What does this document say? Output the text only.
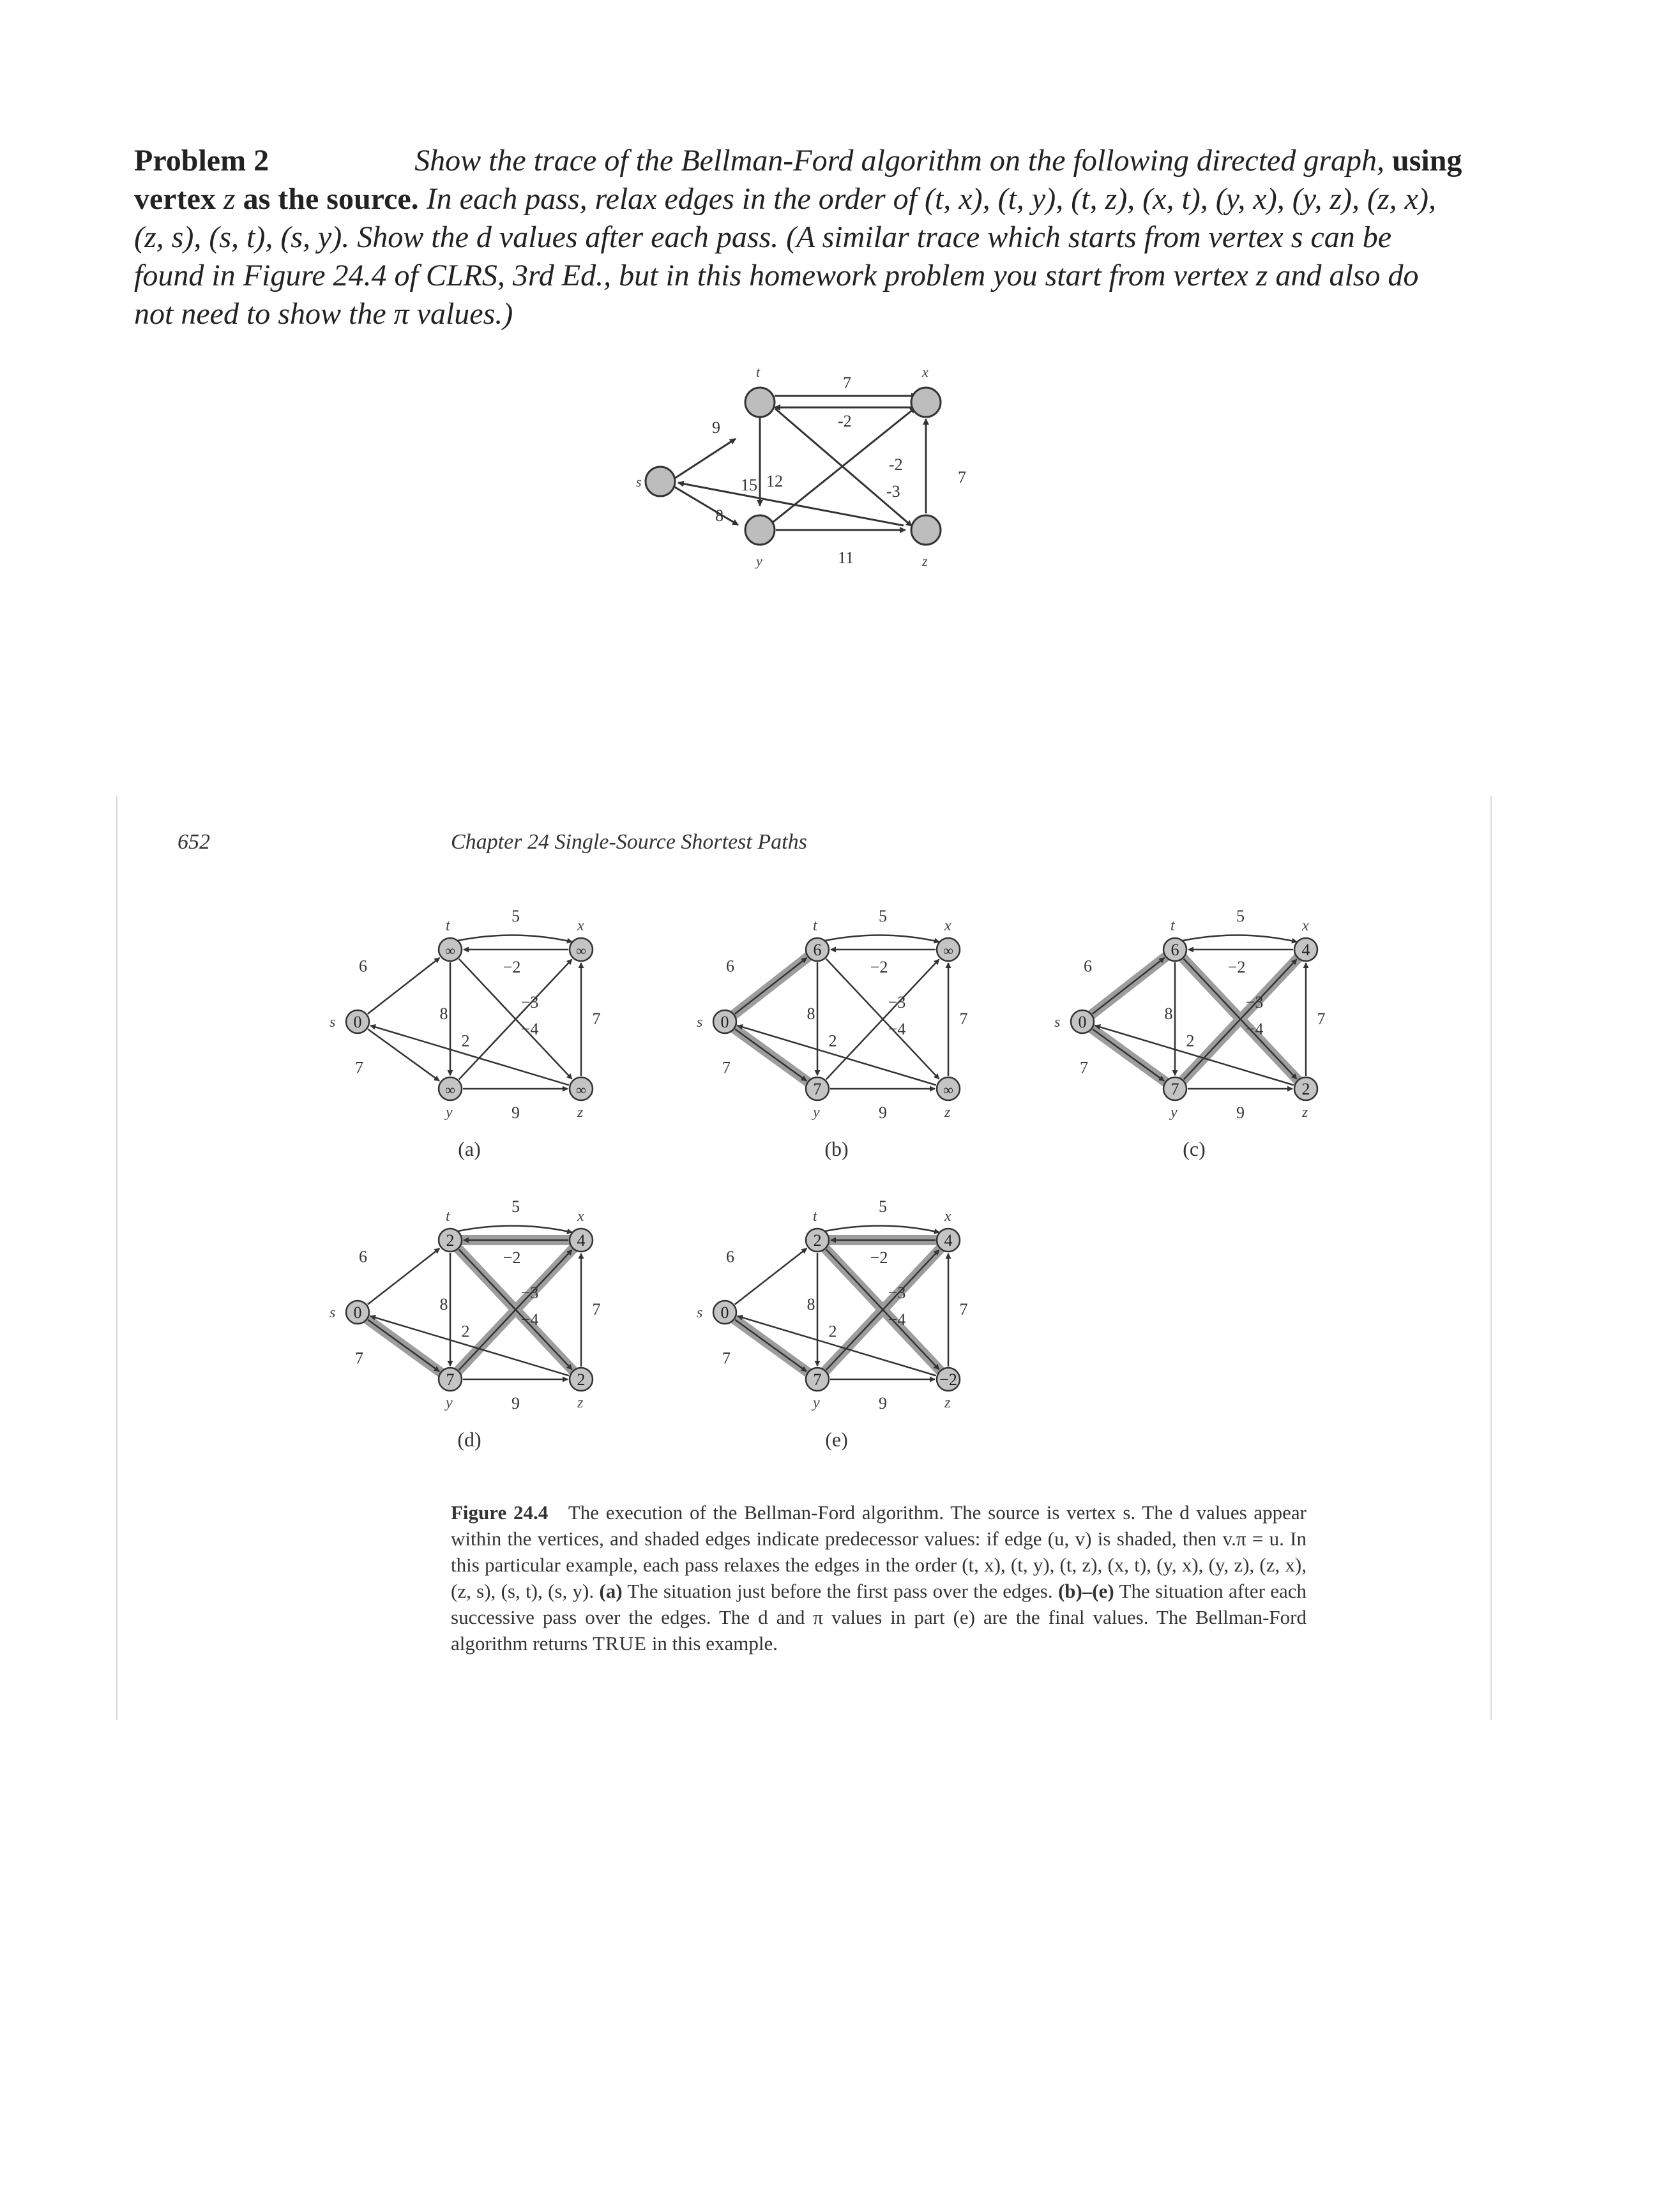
Problem 2	Show the trace of the Bellman-Ford algorithm on the following directed graph, using
vertex z as the source. In each pass, relax edges in the order of (t, x), (t, y), (t, z), (x, t), (y, x), (y, z), (z, x),
(z, s), (s, t), (s, y). Show the d values after each pass. (A similar trace which starts from vertex s can be
found in Figure 24.4 of CLRS, 3rd Ed., but in this homework problem you start from vertex z and also do
not need to show the π values.)
9
8
15
7
-2
12
-3
-2
11
7
t	x
s
y	z
652	Chapter 24 Single-Source Shortest Paths
6
7
2
5
−2
8
−4
−3
9
7
0
s
∞
t
∞
x
∞
y
∞
z
(a)
6
7
2
5
−2
8
−4
−3
9
7
0
s
6
t
∞
x
7
y
∞
z
(b)
6
7
2
5
−2
8
−4
−3
9
7
0
s
6
t
4
x
7
y
2
z
(c)
6
7
2
5
−2
8
−4
−3
9
7
0
s
2
t
4
x
7
y
2
z
(d)
6
7
2
5
−2
8
−4
−3
9
7
0
s
2
t
4
x
7
y
−2
z
(e)
Figure 24.4 The execution of the Bellman-Ford algorithm. The source is vertex s. The d values appear within the vertices, and shaded edges indicate predecessor values: if edge (u, v) is shaded, then v.π = u. In this particular example, each pass relaxes the edges in the order (t, x), (t, y), (t, z), (x, t), (y, x), (y, z), (z, x), (z, s), (s, t), (s, y). (a) The situation just before the first pass over the edges. (b)–(e) The situation after each successive pass over the edges. The d and π values in part (e) are the final values. The Bellman-Ford algorithm returns TRUE in this example.
